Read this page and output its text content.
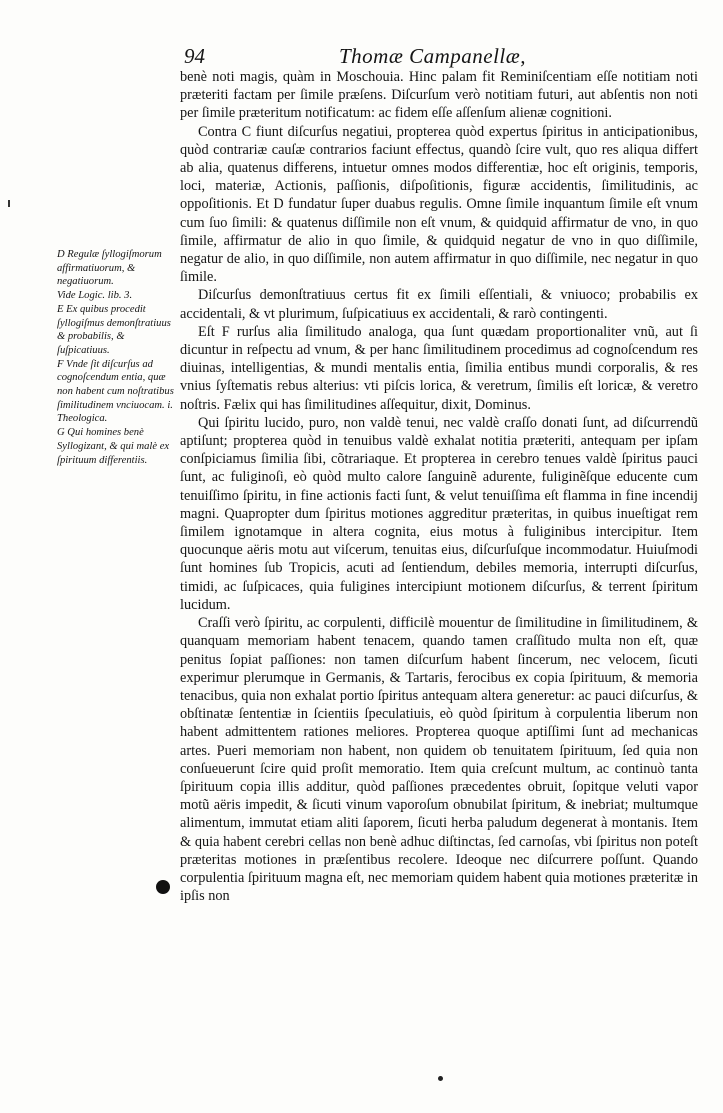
94	Thomæ Campanellæ,

D Regulæ ſyllogiſmorum affirmatiuorum, & negatiuorum.

Vide Logic. lib. 3.

E Ex quibus procedit ſyllogiſmus demonſtratiuus & probabilis, & ſuſpicatiuus.

F Vnde ſit diſcurſus ad cognoſcendum entia, quæ non habent cum noſtratibus ſimilitudinem vnciuocam. i.

Theologica.

G Qui homines benè Syllogizant, & qui malè ex ſpirituum differentiis.

benè noti magis, quàm in Moschouia. Hinc palam fit Reminiſcentiam eſſe notitiam noti præteriti factam per ſimile præſens. Diſcurſum verò notitiam futuri, aut abſentis non noti per ſimile præteritum notificatum: ac fidem eſſe aſſenſum alienæ cognitioni.

Contra C fiunt diſcurſus negatiui, propterea quòd expertus ſpiritus in anticipationibus, quòd contrariæ cauſæ contrarios faciunt effectus, quandò ſcire vult, quo res aliqua differt ab alia, quatenus differens, intuetur omnes modos differentiæ, hoc eſt originis, temporis, loci, materiæ, Actionis, paſſionis, diſpoſitionis, figuræ accidentis, ſimilitudinis, ac oppoſitionis. Et D fundatur ſuper duabus regulis. Omne ſimile inquantum ſimile eſt vnum cum ſuo ſimili: & quatenus diſſimile non eſt vnum, & quidquid affirmatur de vno, in quo ſimile, affirmatur de alio in quo ſimile, & quidquid negatur de vno in quo diſſimile, negatur de alio, in quo diſſimile, non autem affirmatur in quo diſſimile, nec negatur in quo ſimile.

Diſcurſus demonſtratiuus certus fit ex ſimili eſſentiali, & vniuoco; probabilis ex accidentali, & vt plurimum, ſuſpicatiuus ex accidentali, & rarò contingenti.

Eſt F rurſus alia ſimilitudo analoga, qua ſunt quædam proportionaliter vnũ, aut ſi dicuntur in reſpectu ad vnum, & per hanc ſimilitudinem procedimus ad cognoſcendum res diuinas, intelligentias, & mundi mentalis entia, ſimilia entibus mundi corporalis, & res vnius ſyſtematis rebus alterius: vti piſcis lorica, & veretrum, ſimilis eſt loricæ, & veretro noſtris. Fælix qui has ſimilitudines aſſequitur, dixit, Dominus.

Qui ſpiritu lucido, puro, non valdè tenui, nec valdè craſſo donati ſunt, ad diſcurrendũ aptiſunt; propterea quòd in tenuibus valdè exhalat notitia præteriti, antequam per ipſam conſpiciamus ſimilia ſibi, cõtrariaque. Et propterea in cerebro tenues valdè ſpiritus pauci ſunt, ac fuliginoſi, eò quòd multo calore ſanguinẽ adurente, fuliginẽſque educente cum tenuiſſimo ſpiritu, in fine actionis facti ſunt, & velut tenuiſſima eſt flamma in fine incendij magni. Quapropter dum ſpiritus motiones aggreditur præteritas, in quibus inueſtigat rem ſimilem ignotamque in altera cognita, eius motus à fuliginibus intercipitur. Item quocunque aëris motu aut viſcerum, tenuitas eius, diſcurſuſque incommodatur. Huiuſmodi ſunt homines ſub Tropicis, acuti ad ſentiendum, debiles memoria, interrupti diſcurſus, timidi, ac ſuſpicaces, quia fuligines intercipiunt motionem diſcurſus, & terrent ſpiritum lucidum.

Craſſi verò ſpiritu, ac corpulenti, difficilè mouentur de ſimilitudine in ſimilitudinem, & quanquam memoriam habent tenacem, quando tamen craſſitudo multa non eſt, quæ penitus ſopiat paſſiones: non tamen diſcurſum habent ſincerum, nec velocem, ſicuti experimur plerumque in Germanis, & Tartaris, ferocibus ex copia ſpirituum, & memoria tenacibus, quia non exhalat portio ſpiritus antequam altera generetur: ac pauci diſcurſus, & obſtinatæ ſententiæ in ſcientiis ſpeculatiuis, eò quòd ſpiritum à corpulentia liberum non habent admittentem rationes meliores. Propterea quoque aptiſſimi ſunt ad mechanicas artes. Pueri memoriam non habent, non quidem ob tenuitatem ſpirituum, ſed quia non conſueuerunt ſcire quid proſit memoratio. Item quia creſcunt multum, ac continuò tanta ſpirituum copia illis additur, quòd paſſiones præcedentes obruit, ſopitque veluti vapor motũ aëris impedit, & ſicuti vinum vaporoſum obnubilat ſpiritum, & inebriat; multumque alimentum, immutat etiam aliti ſaporem, ſicuti herba paludum degenerat à montanis. Item & quia habent cerebri cellas non benè adhuc diſtinctas, ſed carnoſas, vbi ſpiritus non poteſt præteritas motiones in præſentibus recolere. Ideoque nec diſcurrere poſſunt. Quando corpulentia ſpirituum magna eſt, nec memoriam quidem habent quia motiones præteritæ in ipſis non
